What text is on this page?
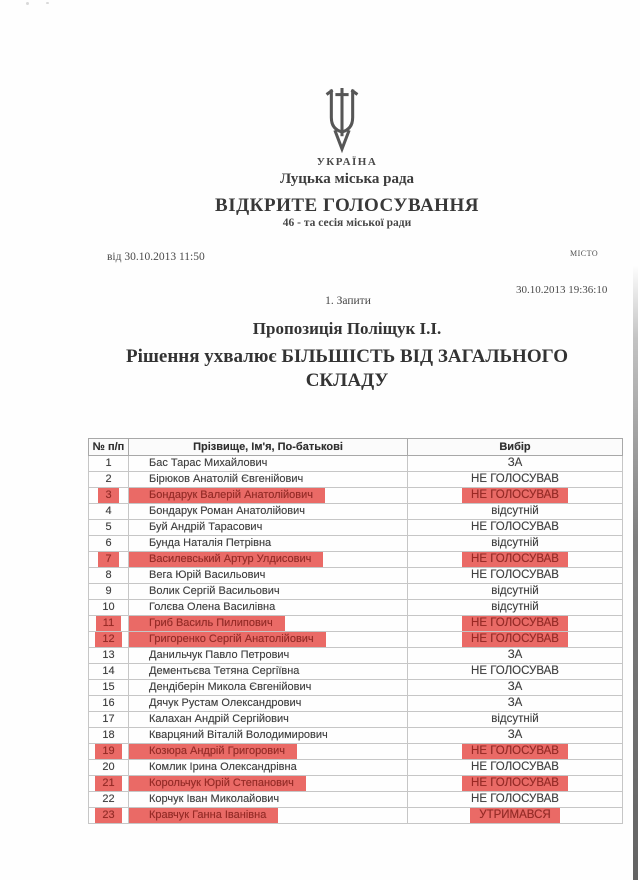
УКРАЇНА
Луцька міська рада
ВІДКРИТЕ ГОЛОСУВАННЯ
46 - та сесія міської ради
від 30.10.2013 11:50	місто
30.10.2013 19:36:10
1. Запити
Пропозиція Поліщук І.І.
Рішення ухвалює БІЛЬШІСТЬ ВІД ЗАГАЛЬНОГО СКЛАДУ
№ п/п	Прізвище, Ім'я, По-батькові	Вибір
1	Бас Тарас Михайлович	ЗА
2	Бірюков Анатолій Євгенійович	НЕ ГОЛОСУВАВ
3	Бондарук Валерій Анатолійович	НЕ ГОЛОСУВАВ
4	Бондарук Роман Анатолійович	відсутній
5	Буй Андрій Тарасович	НЕ ГОЛОСУВАВ
6	Бунда Наталія Петрівна	відсутній
7	Василевський Артур Улдисович	НЕ ГОЛОСУВАВ
8	Вега Юрій Васильович	НЕ ГОЛОСУВАВ
9	Волик Сергій Васильович	відсутній
10	Голєва Олена Василівна	відсутній
11	Гриб Василь Пилипович	НЕ ГОЛОСУВАВ
12	Григоренко Сергій Анатолійович	НЕ ГОЛОСУВАВ
13	Данильчук Павло Петрович	ЗА
14	Дементьєва Тетяна Сергіївна	НЕ ГОЛОСУВАВ
15	Дендіберін Микола Євгенійович	ЗА
16	Дячук Рустам Олександрович	ЗА
17	Калахан Андрій Сергійович	відсутній
18	Кварцяний Віталій Володимирович	ЗА
19	Козюра Андрій Григорович	НЕ ГОЛОСУВАВ
20	Комлик Ірина Олександрівна	НЕ ГОЛОСУВАВ
21	Корольчук Юрій Степанович	НЕ ГОЛОСУВАВ
22	Корчук Іван Миколайович	НЕ ГОЛОСУВАВ
23	Кравчук Ганна Іванівна	УТРИМАВСЯ
